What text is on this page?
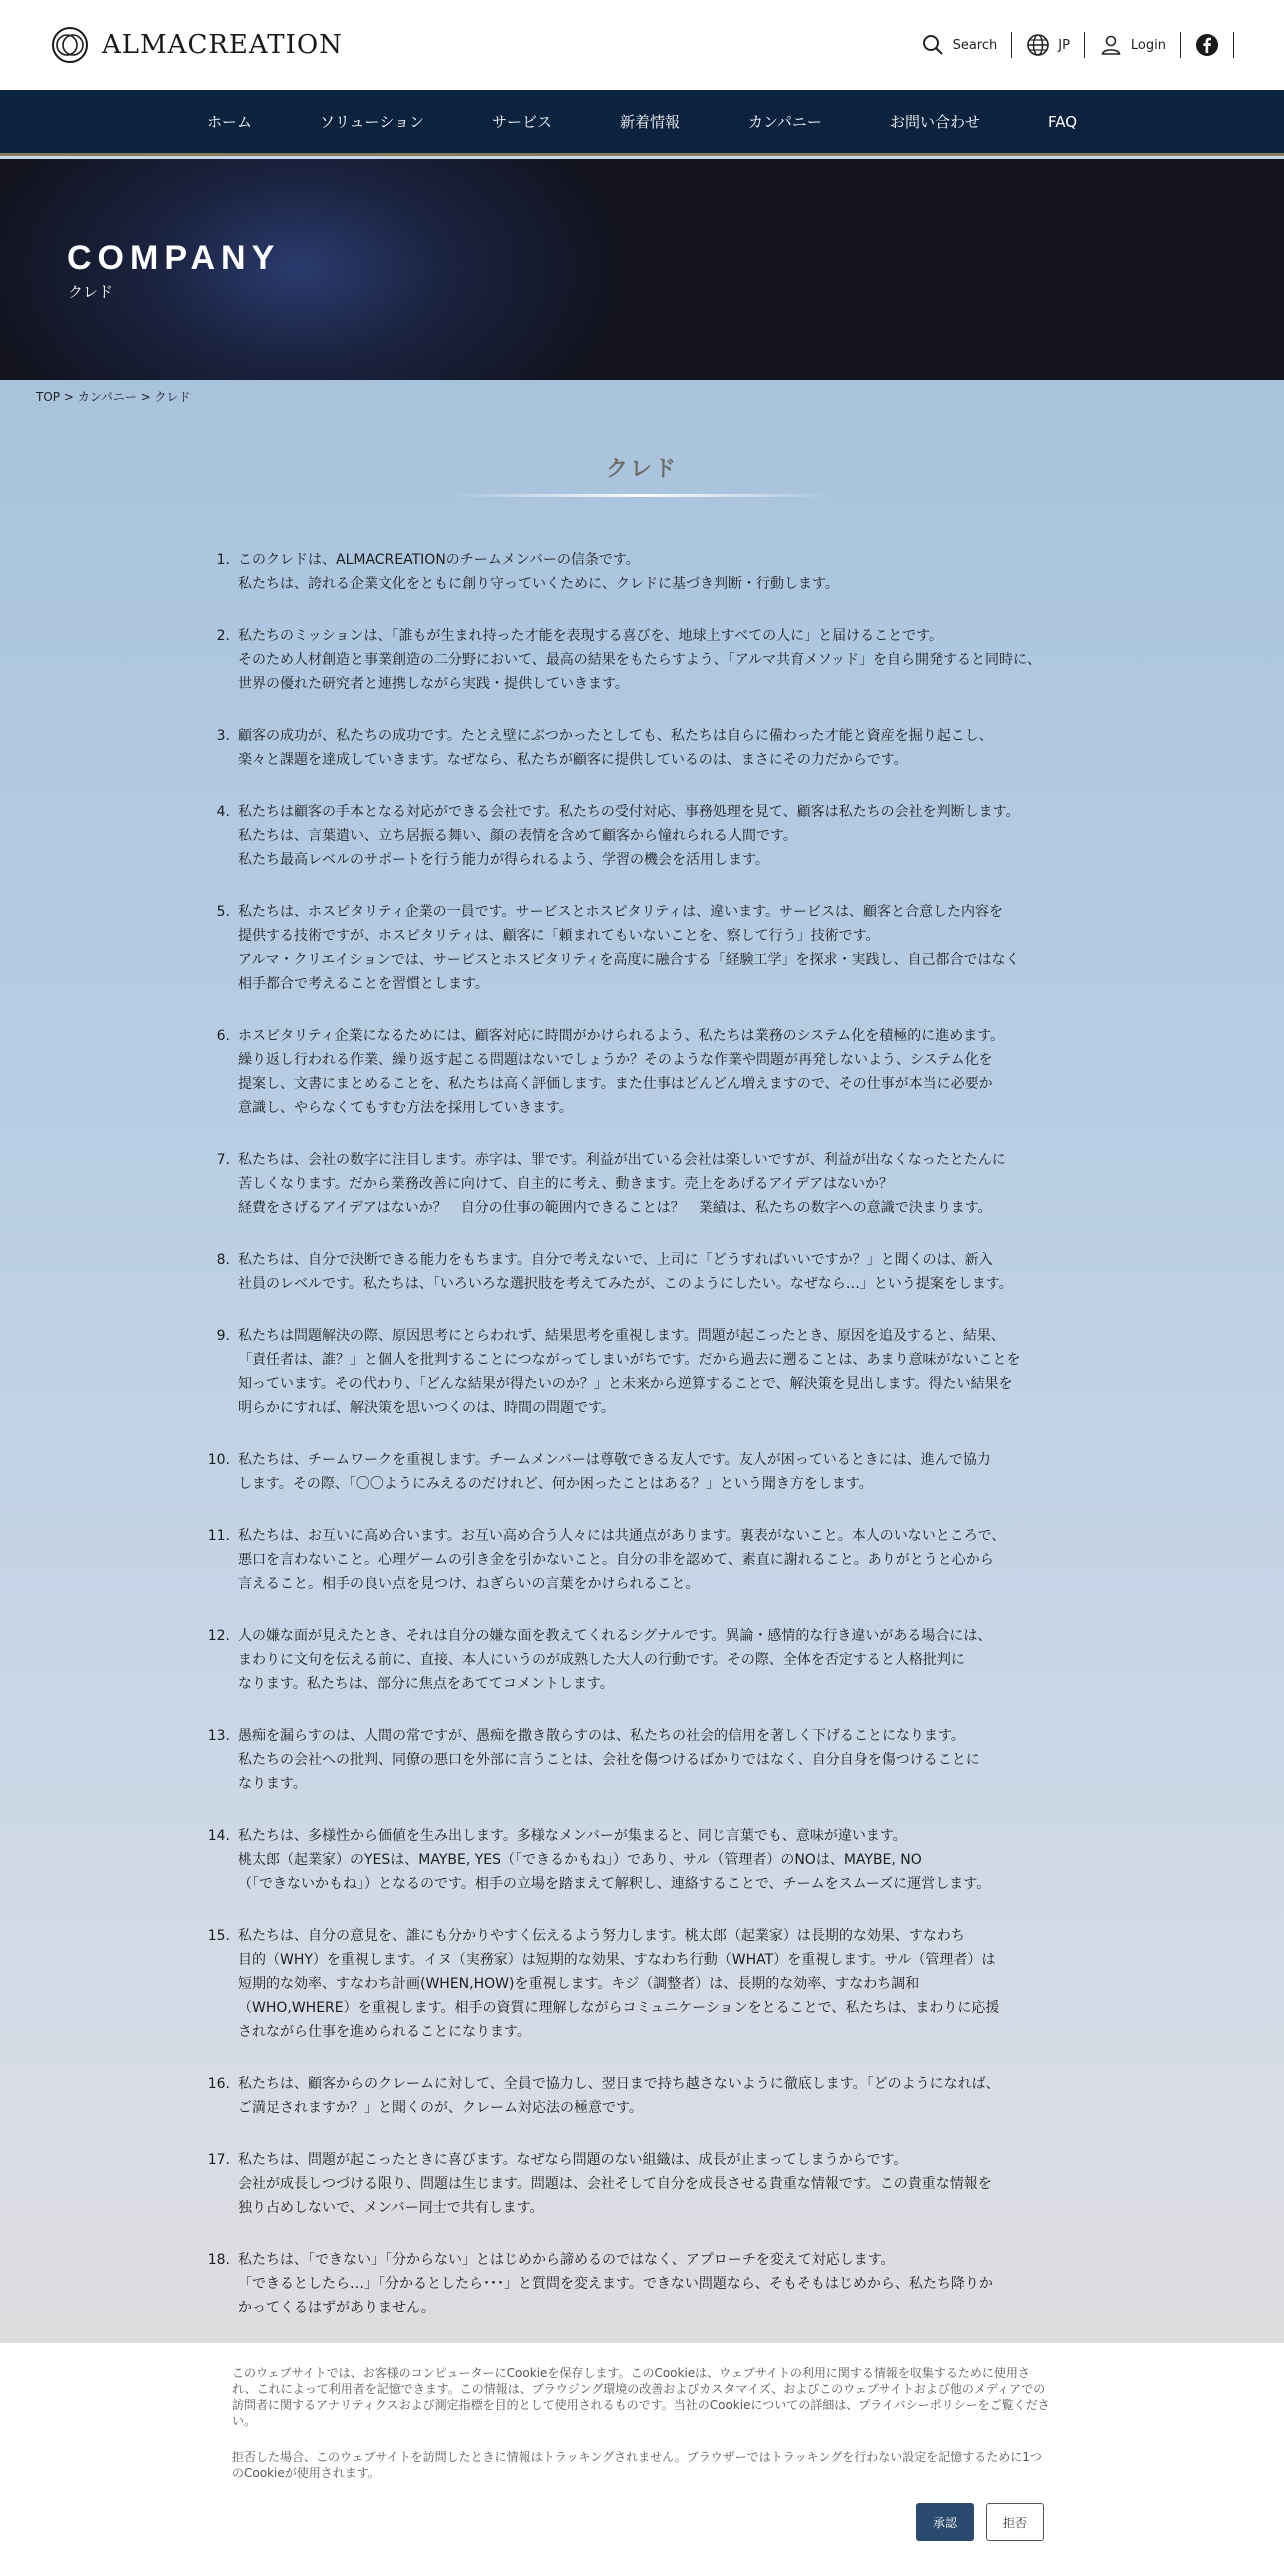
ALMACREATION	Search	JP	Login
ホーム	ソリューション	サービス	新着情報	カンパニー	お問い合わせ	FAQ
COMPANY
クレド
TOP > カンパニー > クレド
クレド
1. このクレドは、ALMACREATIONのチームメンバーの信条です。
私たちは、誇れる企業文化をともに創り守っていくために、クレドに基づき判断・行動します。
2. 私たちのミッションは、「誰もが生まれ持った才能を表現する喜びを、地球上すべての人に」と届けることです。
そのため人材創造と事業創造の二分野において、最高の結果をもたらすよう、「アルマ共育メソッド」を自ら開発すると同時に、
世界の優れた研究者と連携しながら実践・提供していきます。
3. 顧客の成功が、私たちの成功です。たとえ壁にぶつかったとしても、私たちは自らに備わった才能と資産を掘り起こし、
楽々と課題を達成していきます。なぜなら、私たちが顧客に提供しているのは、まさにその力だからです。
4. 私たちは顧客の手本となる対応ができる会社です。私たちの受付対応、事務処理を見て、顧客は私たちの会社を判断します。
私たちは、言葉遣い、立ち居振る舞い、顔の表情を含めて顧客から憧れられる人間です。
私たち最高レベルのサポートを行う能力が得られるよう、学習の機会を活用します。
5. 私たちは、ホスピタリティ企業の一員です。サービスとホスピタリティは、違います。サービスは、顧客と合意した内容を
提供する技術ですが、ホスピタリティは、顧客に「頼まれてもいないことを、察して行う」技術です。
アルマ・クリエイションでは、サービスとホスピタリティを高度に融合する「経験工学」を探求・実践し、自己都合ではなく
相手都合で考えることを習慣とします。
6. ホスピタリティ企業になるためには、顧客対応に時間がかけられるよう、私たちは業務のシステム化を積極的に進めます。
繰り返し行われる作業、繰り返す起こる問題はないでしょうか？そのような作業や問題が再発しないよう、システム化を
提案し、文書にまとめることを、私たちは高く評価します。また仕事はどんどん増えますので、その仕事が本当に必要か
意識し、やらなくてもすむ方法を採用していきます。
7. 私たちは、会社の数字に注目します。赤字は、罪です。利益が出ている会社は楽しいですが、利益が出なくなったとたんに
苦しくなります。だから業務改善に向けて、自主的に考え、動きます。売上をあげるアイデアはないか？
経費をさげるアイデアはないか？　自分の仕事の範囲内できることは？　業績は、私たちの数字への意識で決まります。
8. 私たちは、自分で決断できる能力をもちます。自分で考えないで、上司に「どうすればいいですか？」と聞くのは、新入
社員のレベルです。私たちは、「いろいろな選択肢を考えてみたが、このようにしたい。なぜなら…」という提案をします。
9. 私たちは問題解決の際、原因思考にとらわれず、結果思考を重視します。問題が起こったとき、原因を追及すると、結果、
「責任者は、誰？」と個人を批判することにつながってしまいがちです。だから過去に遡ることは、あまり意味がないことを
知っています。その代わり、「どんな結果が得たいのか？」と未来から逆算することで、解決策を見出します。得たい結果を
明らかにすれば、解決策を思いつくのは、時間の問題です。
10. 私たちは、チームワークを重視します。チームメンバーは尊敬できる友人です。友人が困っているときには、進んで協力
します。その際、「〇〇ようにみえるのだけれど、何か困ったことはある？」という聞き方をします。
11. 私たちは、お互いに高め合います。お互い高め合う人々には共通点があります。裏表がないこと。本人のいないところで、
悪口を言わないこと。心理ゲームの引き金を引かないこと。自分の非を認めて、素直に謝れること。ありがとうと心から
言えること。相手の良い点を見つけ、ねぎらいの言葉をかけられること。
12. 人の嫌な面が見えたとき、それは自分の嫌な面を教えてくれるシグナルです。異論・感情的な行き違いがある場合には、
まわりに文句を伝える前に、直接、本人にいうのが成熟した大人の行動です。その際、全体を否定すると人格批判に
なります。私たちは、部分に焦点をあててコメントします。
13. 愚痴を漏らすのは、人間の常ですが、愚痴を撒き散らすのは、私たちの社会的信用を著しく下げることになります。
私たちの会社への批判、同僚の悪口を外部に言うことは、会社を傷つけるばかりではなく、自分自身を傷つけることに
なります。
14. 私たちは、多様性から価値を生み出します。多様なメンバーが集まると、同じ言葉でも、意味が違います。
桃太郎（起業家）のYESは、MAYBE, YES（「できるかもね」）であり、サル（管理者）のNOは、MAYBE, NO
（「できないかもね」）となるのです。相手の立場を踏まえて解釈し、連絡することで、チームをスムーズに運営します。
15. 私たちは、自分の意見を、誰にも分かりやすく伝えるよう努力します。桃太郎（起業家）は長期的な効果、すなわち
目的（WHY）を重視します。イヌ（実務家）は短期的な効果、すなわち行動（WHAT）を重視します。サル（管理者）は
短期的な効率、すなわち計画(WHEN,HOW)を重視します。キジ（調整者）は、長期的な効率、すなわち調和
（WHO,WHERE）を重視します。相手の資質に理解しながらコミュニケーションをとることで、私たちは、まわりに応援
されながら仕事を進められることになります。
16. 私たちは、顧客からのクレームに対して、全員で協力し、翌日まで持ち越さないように徹底します。「どのようになれば、
ご満足されますか？」と聞くのが、クレーム対応法の極意です。
17. 私たちは、問題が起こったときに喜びます。なぜなら問題のない組織は、成長が止まってしまうからです。
会社が成長しつづける限り、問題は生じます。問題は、会社そして自分を成長させる貴重な情報です。この貴重な情報を
独り占めしないで、メンバー同士で共有します。
18. 私たちは、「できない」「分からない」とはじめから諦めるのではなく、アプローチを変えて対応します。
「できるとしたら…」「分かるとしたら･･･」と質問を変えます。できない問題なら、そもそもはじめから、私たち降りか
かってくるはずがありません。

このウェブサイトでは、お客様のコンピューターにCookieを保存します。このCookieは、ウェブサイトの利用に関する情報を収集するために使用され、これによって利用者を記憶できます。この情報は、ブラウジング環境の改善およびカスタマイズ、およびこのウェブサイトおよび他のメディアでの訪問者に関するアナリティクスおよび測定指標を目的として使用されるものです。当社のCookieについての詳細は、プライバシーポリシーをご覧ください。

拒否した場合、このウェブサイトを訪問したときに情報はトラッキングされません。ブラウザーではトラッキングを行わない設定を記憶するために1つのCookieが使用されます。

承認	拒否
